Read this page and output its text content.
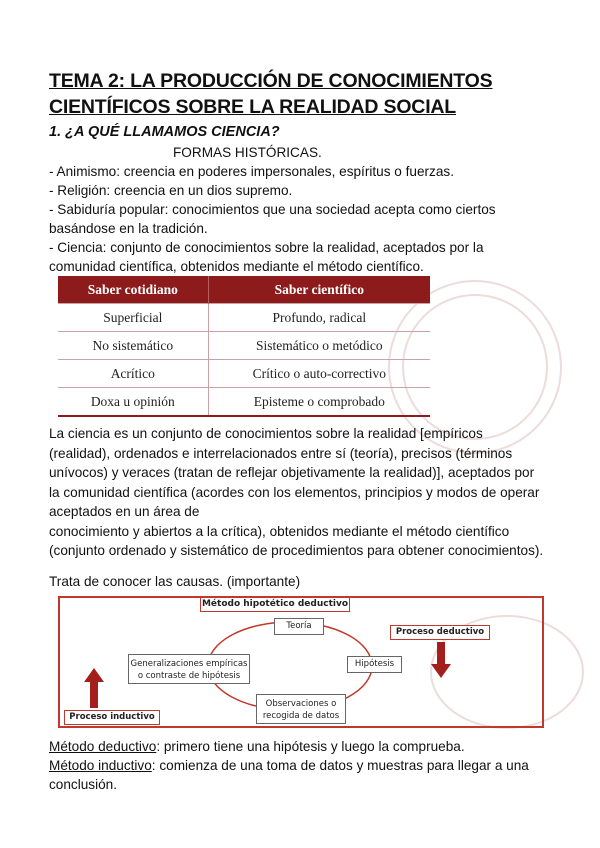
TEMA 2: LA PRODUCCIÓN DE CONOCIMIENTOS
CIENTÍFICOS SOBRE LA REALIDAD SOCIAL
1. ¿A QUÉ LLAMAMOS CIENCIA?
FORMAS HISTÓRICAS.
- Animismo: creencia en poderes impersonales, espíritus o fuerzas.
- Religión: creencia en un dios supremo.
- Sabiduría popular: conocimientos que una sociedad acepta como ciertos
basándose en la tradición.
- Ciencia: conjunto de conocimientos sobre la realidad, aceptados por la
comunidad científica, obtenidos mediante el método científico.
Saber cotidiano	Saber científico
Superficial	Profundo, radical
No sistemático	Sistemático o metódico
Acrítico	Crítico o auto-correctivo
Doxa u opinión	Episteme o comprobado
La ciencia es un conjunto de conocimientos sobre la realidad [empíricos
(realidad), ordenados e interrelacionados entre sí (teoría), precisos (términos
unívocos) y veraces (tratan de reflejar objetivamente la realidad)], aceptados por
la comunidad científica (acordes con los elementos, principios y modos de operar
aceptados en un área de
conocimiento y abiertos a la crítica), obtenidos mediante el método científico
(conjunto ordenado y sistemático de procedimientos para obtener conocimientos).
Trata de conocer las causas. (importante)
Método hipotético deductivo
Teoría
Hipótesis
Observaciones o
recogida de datos
Generalizaciones empíricas
o contraste de hipótesis
Proceso deductivo
Proceso inductivo
Método deductivo: primero tiene una hipótesis y luego la comprueba.
Método inductivo: comienza de una toma de datos y muestras para llegar a una
conclusión.
